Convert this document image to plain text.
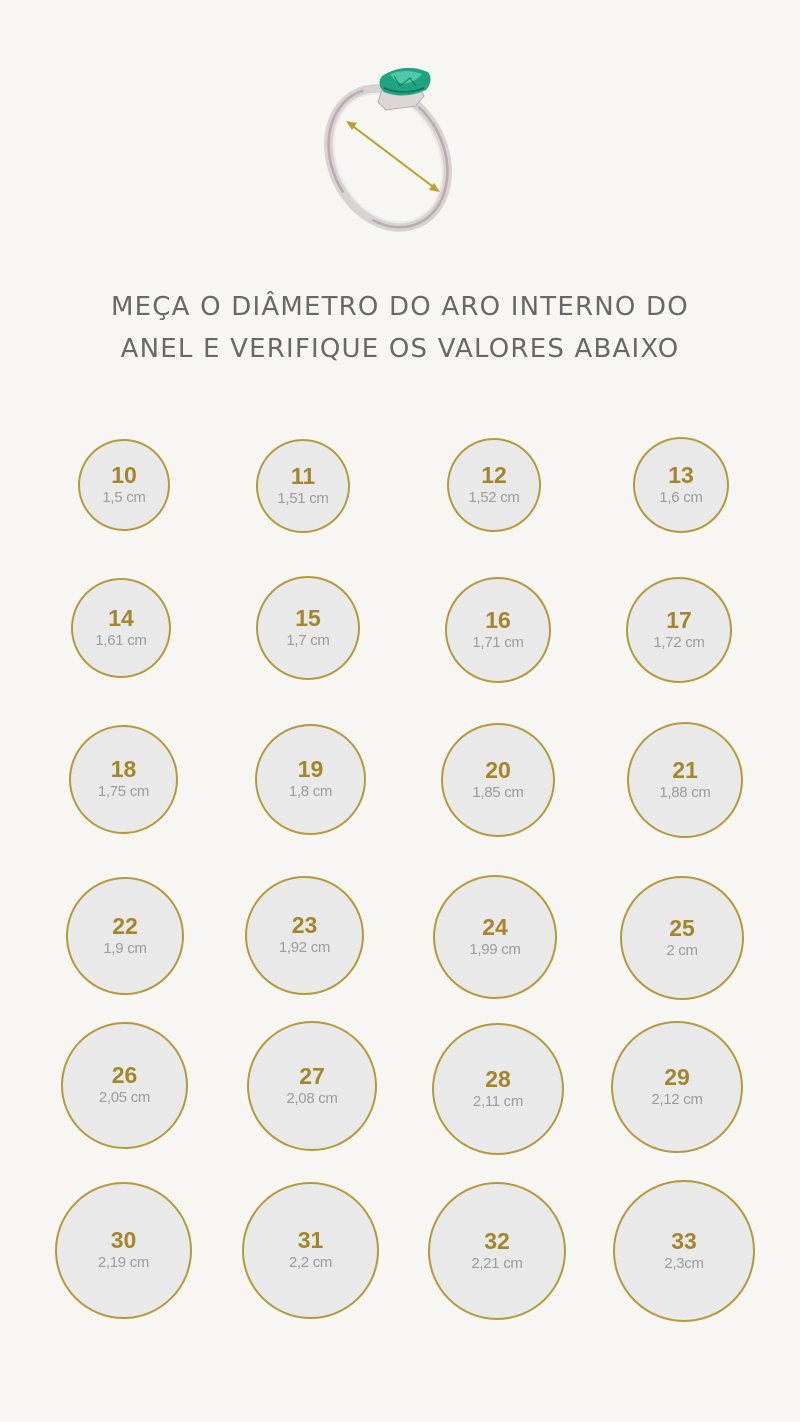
MEÇA O DIÂMETRO DO ARO INTERNO DO
ANEL E VERIFIQUE OS VALORES ABAIXO
10
1,5 cm
11
1,51 cm
12
1,52 cm
13
1,6 cm
14
1,61 cm
15
1,7 cm
16
1,71 cm
17
1,72 cm
18
1,75 cm
19
1,8 cm
20
1,85 cm
21
1,88 cm
22
1,9 cm
23
1,92 cm
24
1,99 cm
25
2 cm
26
2,05 cm
27
2,08 cm
28
2,11 cm
29
2,12 cm
30
2,19 cm
31
2,2 cm
32
2,21 cm
33
2,3cm
